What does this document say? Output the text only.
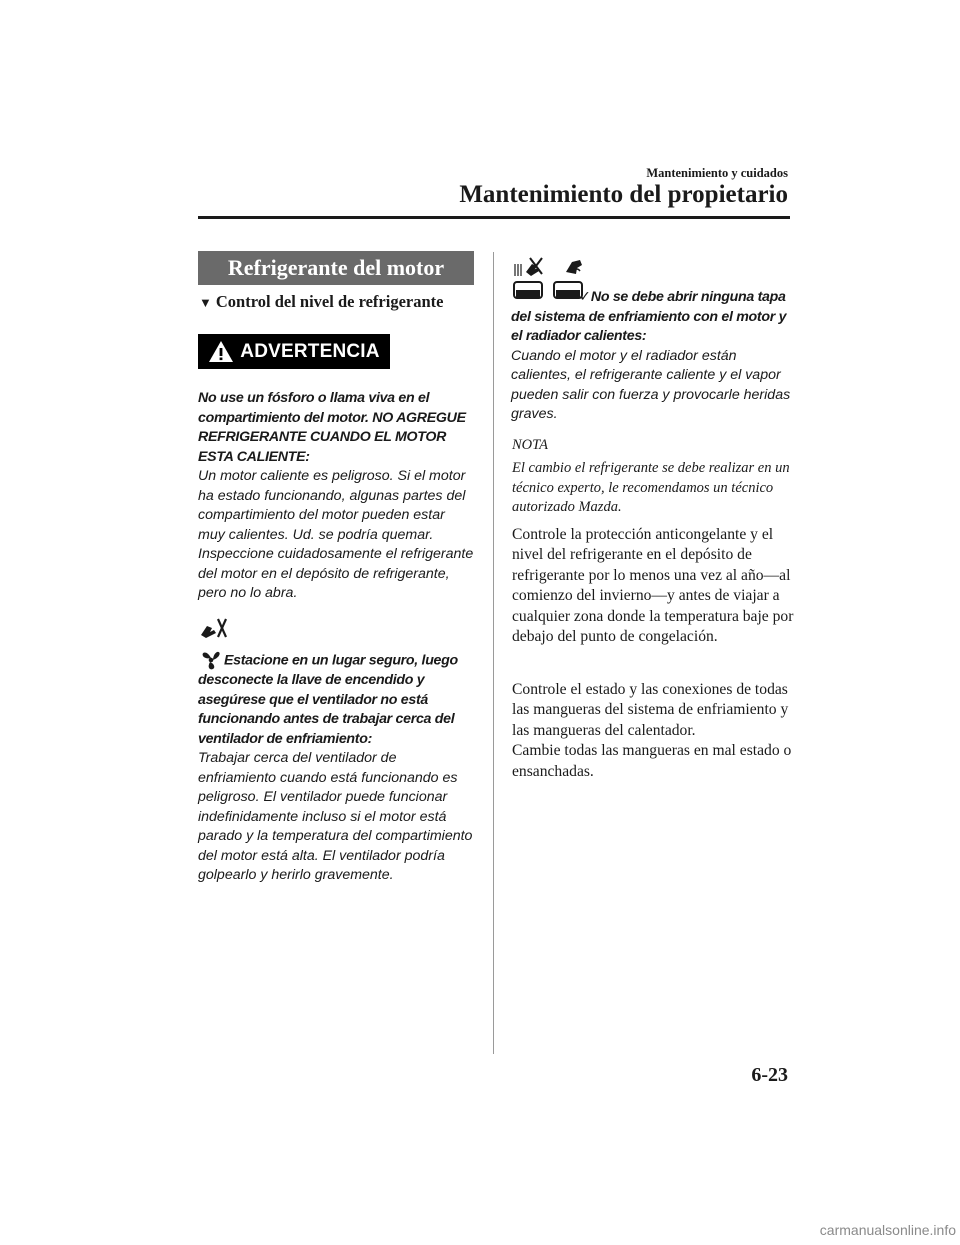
Mantenimiento y cuidados
Mantenimiento del propietario
Refrigerante del motor
▼ Control del nivel de refrigerante
ADVERTENCIA
No use un fósforo o llama viva en el compartimiento del motor. NO AGREGUE REFRIGERANTE CUANDO EL MOTOR ESTA CALIENTE:
Un motor caliente es peligroso. Si el motor ha estado funcionando, algunas partes del compartimiento del motor pueden estar muy calientes. Ud. se podría quemar. Inspeccione cuidadosamente el refrigerante del motor en el depósito de refrigerante, pero no lo abra.
Estacione en un lugar seguro, luego desconecte la llave de encendido y asegúrese que el ventilador no está funcionando antes de trabajar cerca del ventilador de enfriamiento:
Trabajar cerca del ventilador de enfriamiento cuando está funcionando es peligroso. El ventilador puede funcionar indefinidamente incluso si el motor está parado y la temperatura del compartimiento del motor está alta. El ventilador podría golpearlo y herirlo gravemente.
✓No se debe abrir ninguna tapa del sistema de enfriamiento con el motor y el radiador calientes:
Cuando el motor y el radiador están calientes, el refrigerante caliente y el vapor pueden salir con fuerza y provocarle heridas graves.
NOTA
El cambio el refrigerante se debe realizar en un técnico experto, le recomendamos un técnico autorizado Mazda.
Controle la protección anticongelante y el nivel del refrigerante en el depósito de refrigerante por lo menos una vez al año―al comienzo del invierno―y antes de viajar a cualquier zona donde la temperatura baje por debajo del punto de congelación.
Controle el estado y las conexiones de todas las mangueras del sistema de enfriamiento y las mangueras del calentador.
Cambie todas las mangueras en mal estado o ensanchadas.
6-23
carmanualsonline.info
